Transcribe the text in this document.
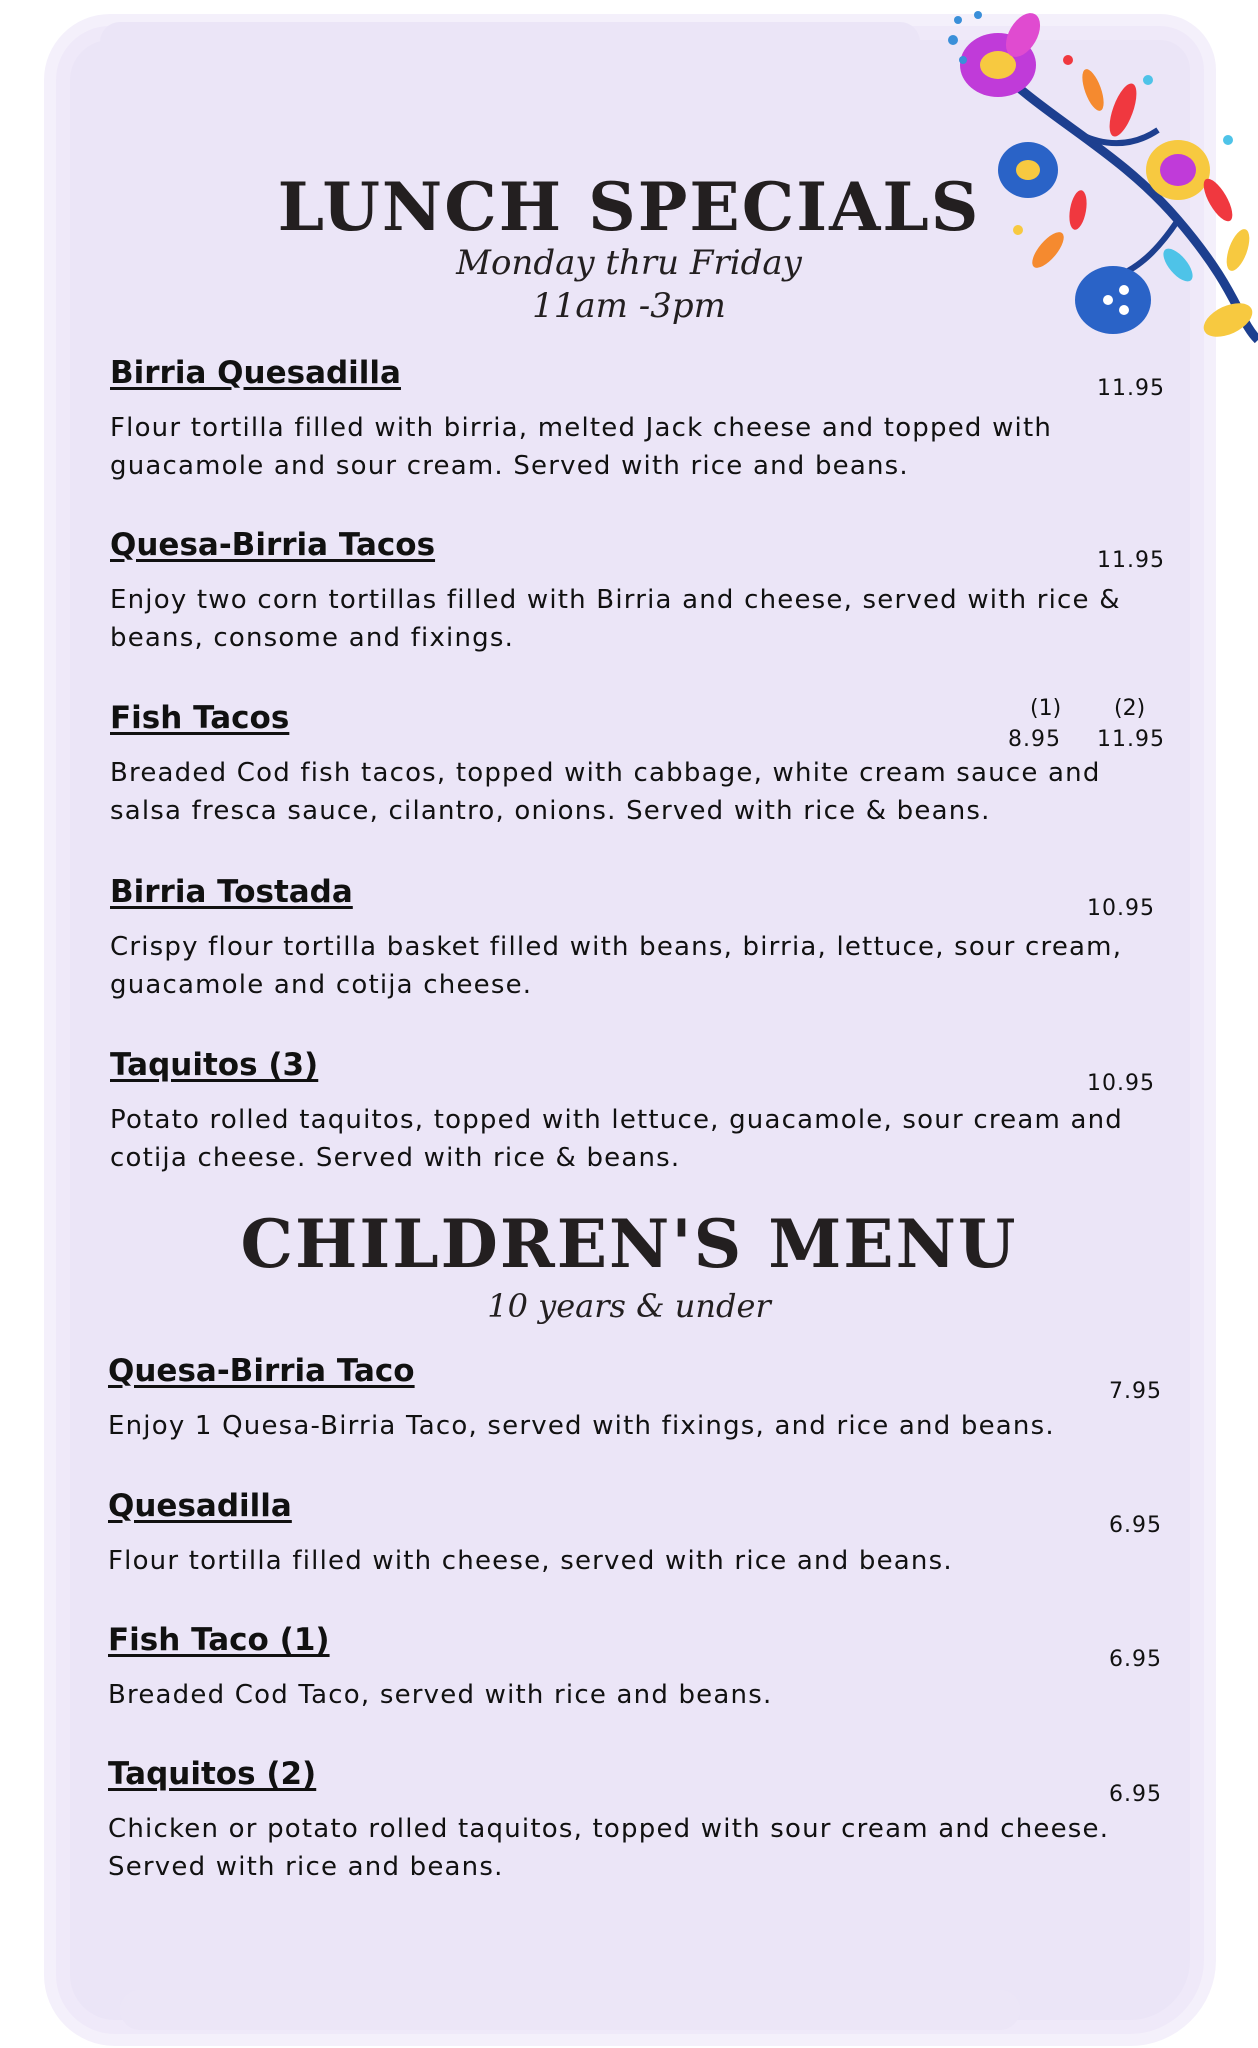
LUNCH SPECIALS
Monday thru Friday
11am -3pm
Birria Quesadilla
Flour tortilla filled with birria, melted Jack cheese and topped with guacamole and sour cream. Served with rice and beans.
11.95
Quesa-Birria Tacos
Enjoy two corn tortillas filled with Birria and cheese, served with rice & beans, consome and fixings.
11.95
Fish Tacos
Breaded Cod fish tacos, topped with cabbage, white cream sauce and salsa fresca sauce, cilantro, onions. Served with rice & beans.
(1) (2)
8.95 11.95
Birria Tostada
Crispy flour tortilla basket filled with beans, birria, lettuce, sour cream, guacamole and cotija cheese.
10.95
Taquitos (3)
Potato rolled taquitos, topped with lettuce, guacamole, sour cream and cotija cheese. Served with rice & beans.
10.95
CHILDREN'S MENU
10 years & under
Quesa-Birria Taco
Enjoy 1 Quesa-Birria Taco, served with fixings, and rice and beans.
7.95
Quesadilla
Flour tortilla filled with cheese, served with rice and beans.
6.95
Fish Taco (1)
Breaded Cod Taco, served with rice and beans.
6.95
Taquitos (2)
Chicken or potato rolled taquitos, topped with sour cream and cheese. Served with rice and beans.
6.95
